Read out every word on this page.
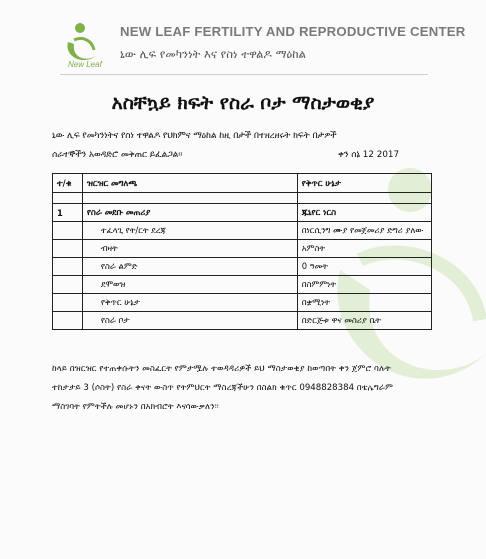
New Leaf
NEW LEAF FERTILITY AND REPRODUCTIVE CENTER
ኒው ሊፍ የመካንነት እና የስነ ተዋልዶ ማዕከል
አስቸኳይ ክፍት የስራ ቦታ ማስታወቂያ
ኒው ሊፍ የመካንነትና የስነ ተዋልዶ የህክምና ማዕከል ከዚ በታች በተዘረዘሩት ክፍት በታዎች
ሰራተኞችን አወዳድሮ መቅጠር ይፈልጋል፡፡	ቀን ሰኔ 12 2017
ተ/ቁ	ዝርዝር መግለጫ	የቅጥር ሁኔታ

1	የስራ መደቡ መጠሪያ	ጁኒየር ነርስ
	ተፈላጊ የት/ርት ደረጃ	በነርሲንግ ሙያ የመጀመሪያ ድግሪ ያለው
	ብዛት	አምስት
	የስራ ልምድ	0 ዓመት
	ደሞወዝ	በስምምነት
	የቅጥር ሁኔታ	በቋሚነት
	የስራ ቦታ	በድርጅቱ ዋና መስሪያ ቤት
ከላይ በዝርዝር የተጠቀሱትን መስፈርት የምታሟሉ ተወዳዳሪዎች ይህ ማስታወቂያ ከወጣበት ቀን ጀምሮ ባሉት
ተከታታይ 3 (ሶስት) የስራ ቀናት ውስጥ የትምህርት ማስረጃችሁን በስልክ ቁጥር 0948828384 በቴሌግራም
ማስገባት የምትችሉ መሆኑን በአክብሮት እናሳውቃለን፡፡
